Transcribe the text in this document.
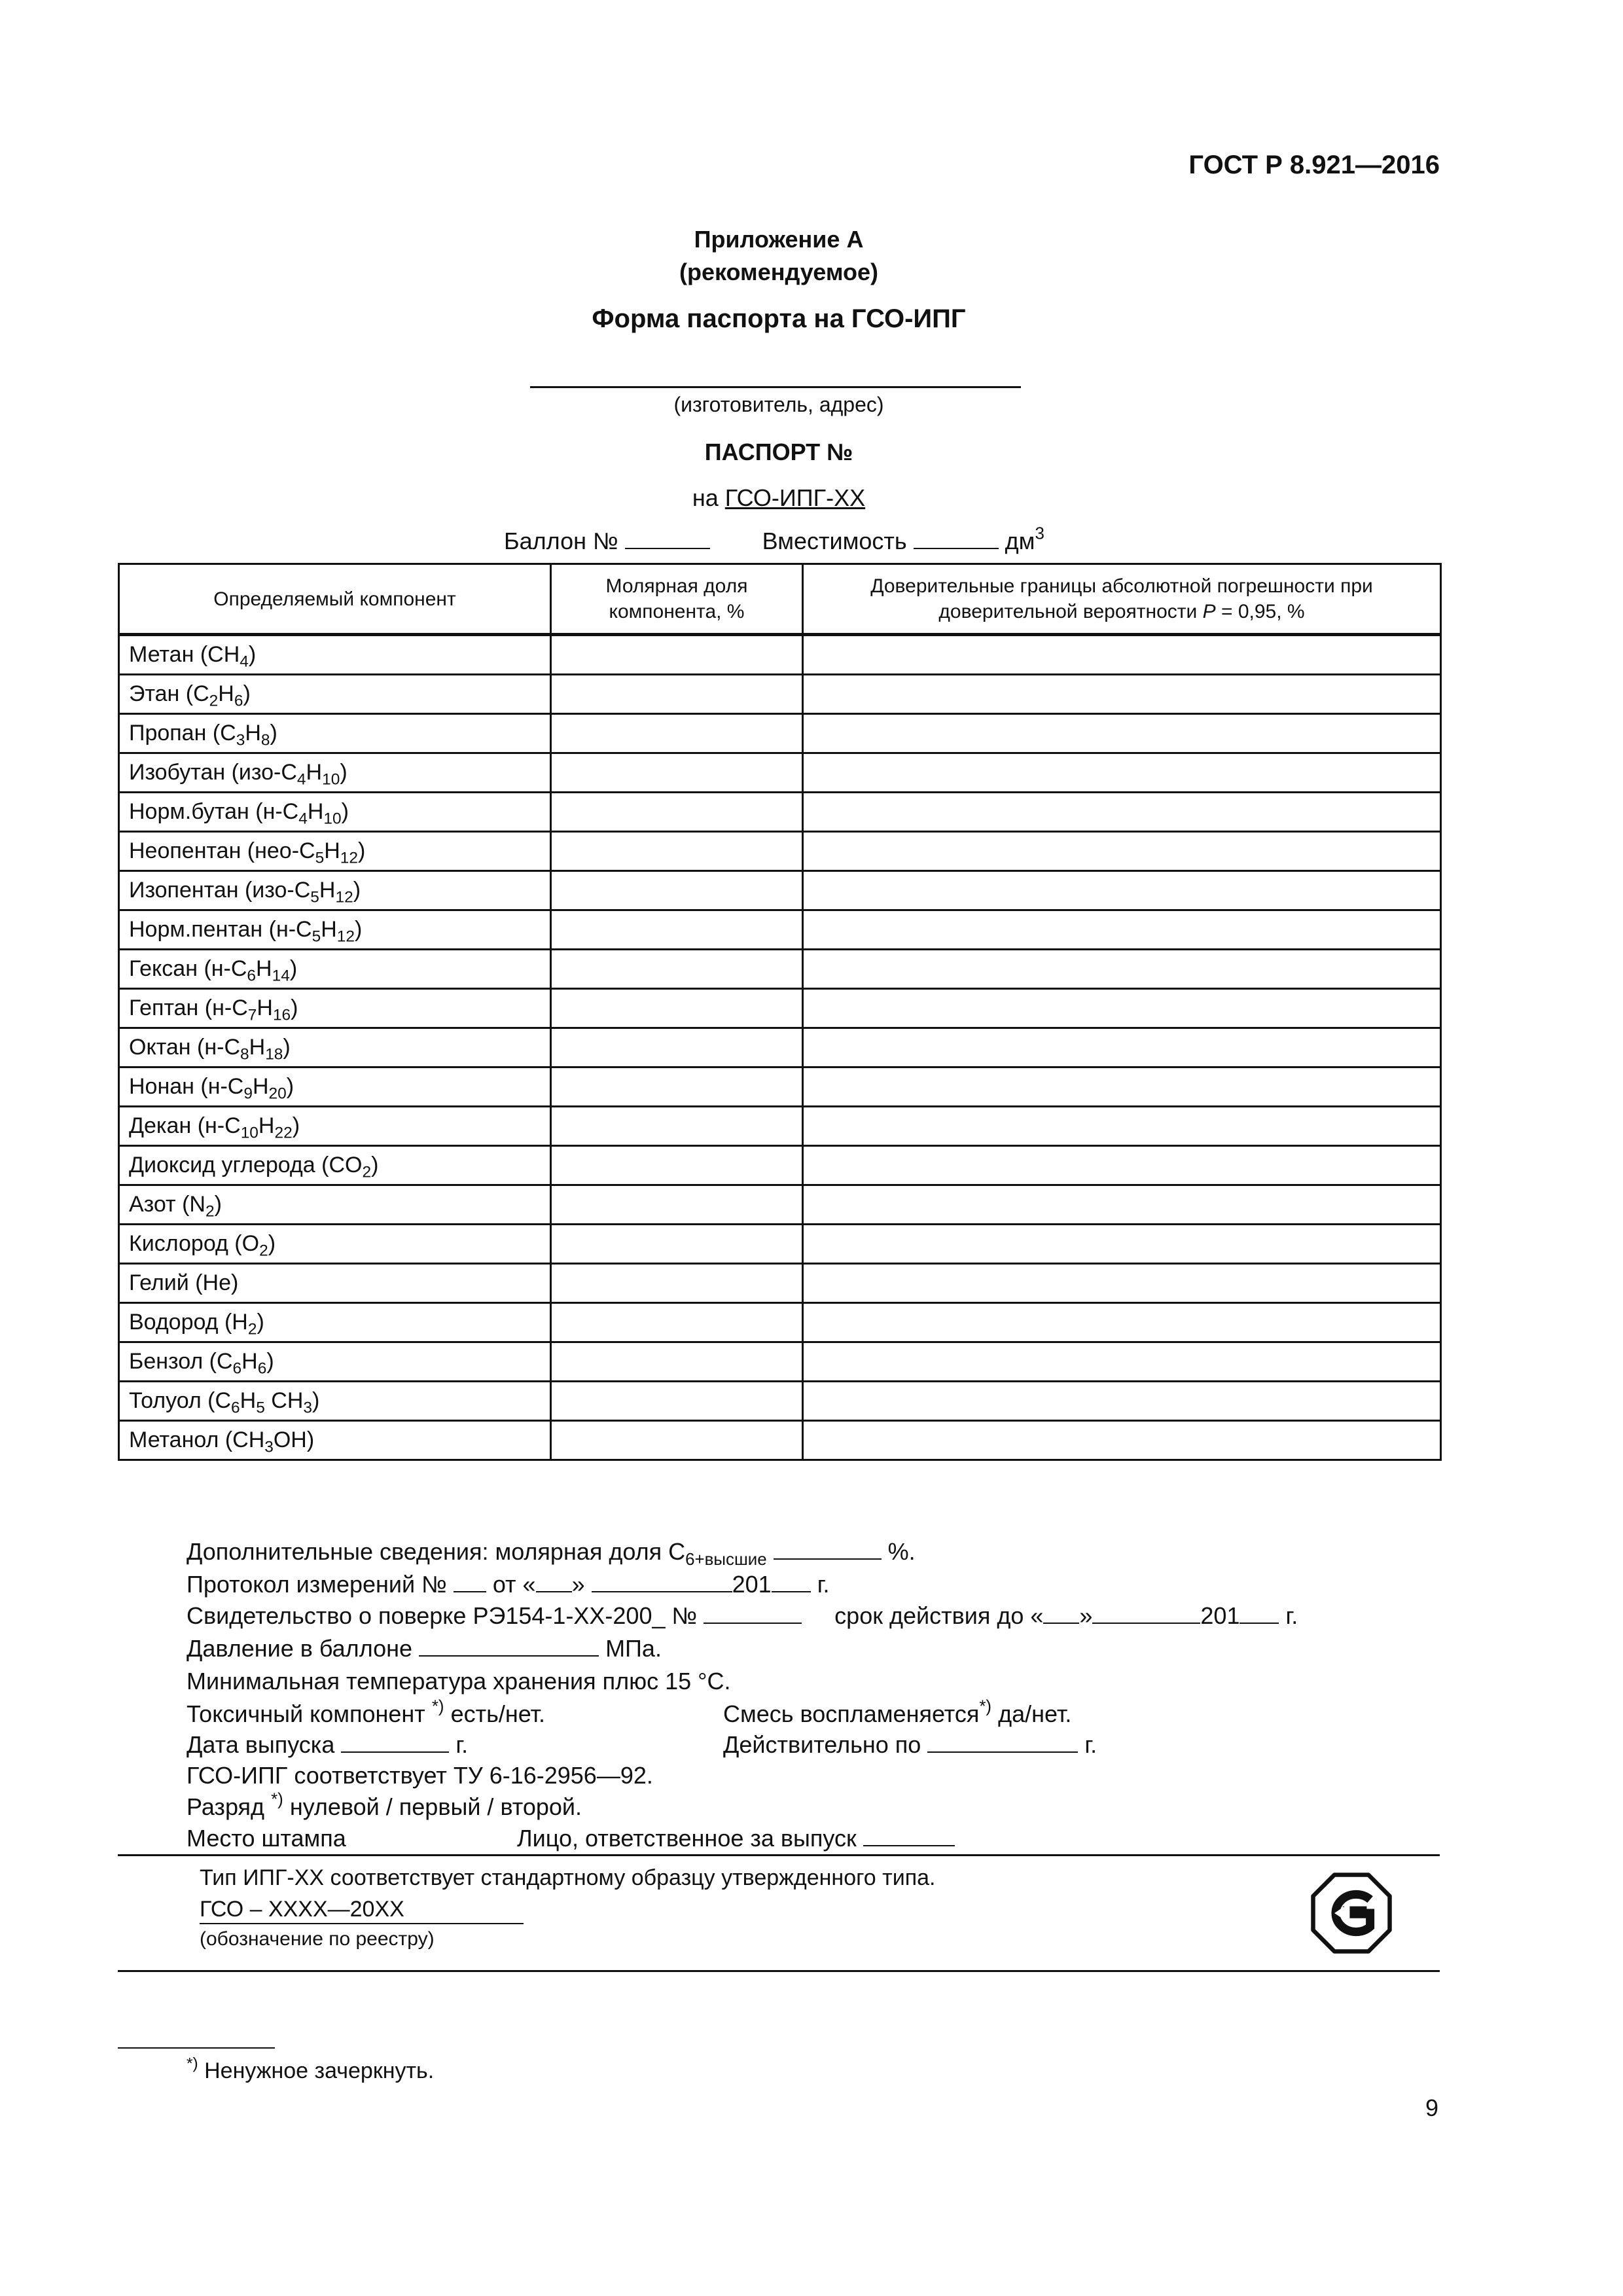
ГОСТ Р 8.921—2016
Приложение А
(рекомендуемое)
Форма паспорта на ГСО-ИПГ
(изготовитель, адрес)
ПАСПОРТ №
на ГСО-ИПГ-ХХ
Баллон №	Вместимость	$дм^3$
Определяемый компонент	Молярная доля компонента, %	Доверительные границы абсолютной погрешности при доверительной вероятности P = 0,95, %
Метан $(CH_4)$		
Этан $(C_2H_6)$		
Пропан $(C_3H_8)$		
Изобутан $(изо-C_4H_{10})$		
Норм.бутан $(н-C_4H_{10})$		
Неопентан $(нео-C_5H_{12})$		
Изопентан $(изо-C_5H_{12})$		
Норм.пентан $(н-C_5H_{12})$		
Гексан $(н-C_6H_{14})$		
Гептан $(н-C_7H_{16})$		
Октан $(н-C_8H_{18})$		
Нонан $(н-C_9H_{20})$		
Декан $(н-C_{10}H_{22})$		
Диоксид углерода $(CO_2)$		
Азот $(N_2)$		
Кислород $(O_2)$		
Гелий (He)		
Водород $(H_2)$		
Бензол $(C_6H_6)$		
Толуол ($C_6H_5$ $CH_3$)		
Метанол $(CH_3OH)$		
Дополнительные сведения: молярная доля $C_{6+высшие}$	%.
Протокол измерений № от « »	201 г.
Свидетельство о поверке РЭ154-1-ХХ-200_ №	срок действия до « »	201 г.
Давление в баллоне	МПа.
Минимальная температура хранения плюс 15 °C.
Токсичный компонент *) есть/нет.	Смесь воспламеняется*) да/нет.
Дата выпуска	г.	Действительно по	г.
ГСО-ИПГ соответствует ТУ 6-16-2956—92.
Разряд *) нулевой / первый / второй.
Место штампа	Лицо, ответственное за выпуск
Тип ИПГ-ХХ соответствует стандартному образцу утвержденного типа.
ГСО – ХХХХ—20ХХ
(обозначение по реестру)
*) Ненужное зачеркнуть.
9
